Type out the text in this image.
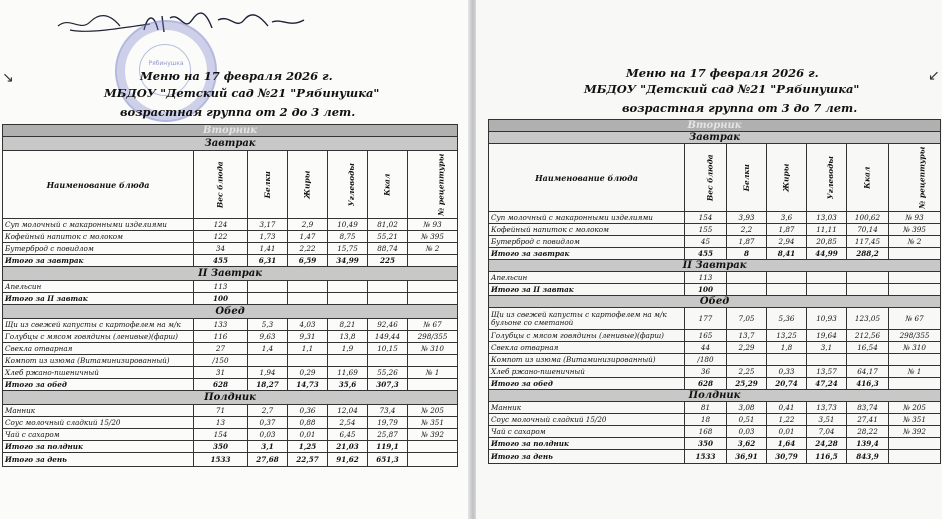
↘
Рябинушка
Меню на 17 февраля 2026 г.
МБДОУ "Детский сад №21 "Рябинушка"
возрастная группа от 2 до 3 лет.
Вторник						
Завтрак						
Наименование блюда	Вес блюда	Белки	Жиры	Углеводы	Ккал	№ рецептуры
Суп молочный с макаронными изделиями	124	3,17	2,9	10,49	81,02	№ 93
Кофейный напиток с молоком	122	1,73	1,47	8,75	55,21	№ 395
Бутерброд с повидлом	34	1,41	2,22	15,75	88,74	№ 2
Итого за завтрак	455	6,31	6,59	34,99	225	
II Завтрак						
Апельсин	113					
Итого за II завтак	100					
Обед						
Щи из свежей капусты с картофелем на м/к	133	5,3	4,03	8,21	92,46	№ 67
Голубцы с мясом говядины (ленивые)(фарш)	116	9,63	9,31	13,8	149,44	298/355
Свекла отварная	27	1,4	1,1	1,9	10,15	№ 310
Компот из изюма (Витаминизированный)	/150					
Хлеб ржано-пшеничный	31	1,94	0,29	11,69	55,26	№ 1
Итого за обед	628	18,27	14,73	35,6	307,3	
Полдник						
Манник	71	2,7	0,36	12,04	73,4	№ 205
Соус молочный сладкий 15/20	13	0,37	0,88	2,54	19,79	№ 351
Чай с сахаром	154	0,03	0,01	6,45	25,87	№ 392
Итого за полдник	350	3,1	1,25	21,03	119,1	
Итого за день	1533	27,68	22,57	91,62	651,3	
↙
Меню на 17 февраля 2026 г.
МБДОУ "Детский сад №21 "Рябинушка"
возрастная группа от 3 до 7 лет.
Вторник						
Завтрак						
Наименование блюда	Вес блюда	Белки	Жиры	Углеводы	Ккал	№ рецептуры
Суп молочный с макаронными изделиями	154	3,93	3,6	13,03	100,62	№ 93
Кофейный напиток с молоком	155	2,2	1,87	11,11	70,14	№ 395
Бутерброд с повидлом	45	1,87	2,94	20,85	117,45	№ 2
Итого за завтрак	455	8	8,41	44,99	288,2	
II Завтрак						
Апельсин	113					
Итого за II завтак	100					
Обед						
Щи из свежей капусты с картофелем на м/к бульоне со сметаной	177	7,05	5,36	10,93	123,05	№ 67
Голубцы с мясом говядины (ленивые)(фарш)	165	13,7	13,25	19,64	212,56	298/355
Свекла отварная	44	2,29	1,8	3,1	16,54	№ 310
Компот из изюма (Витаминизированный)	/180					
Хлеб ржано-пшеничный	36	2,25	0,33	13,57	64,17	№ 1
Итого за обед	628	25,29	20,74	47,24	416,3	
Полдник						
Манник	81	3,08	0,41	13,73	83,74	№ 205
Соус молочный сладкий 15/20	18	0,51	1,22	3,51	27,41	№ 351
Чай с сахаром	168	0,03	0,01	7,04	28,22	№ 392
Итого за полдник	350	3,62	1,64	24,28	139,4	
Итого за день	1533	36,91	30,79	116,5	843,9	
